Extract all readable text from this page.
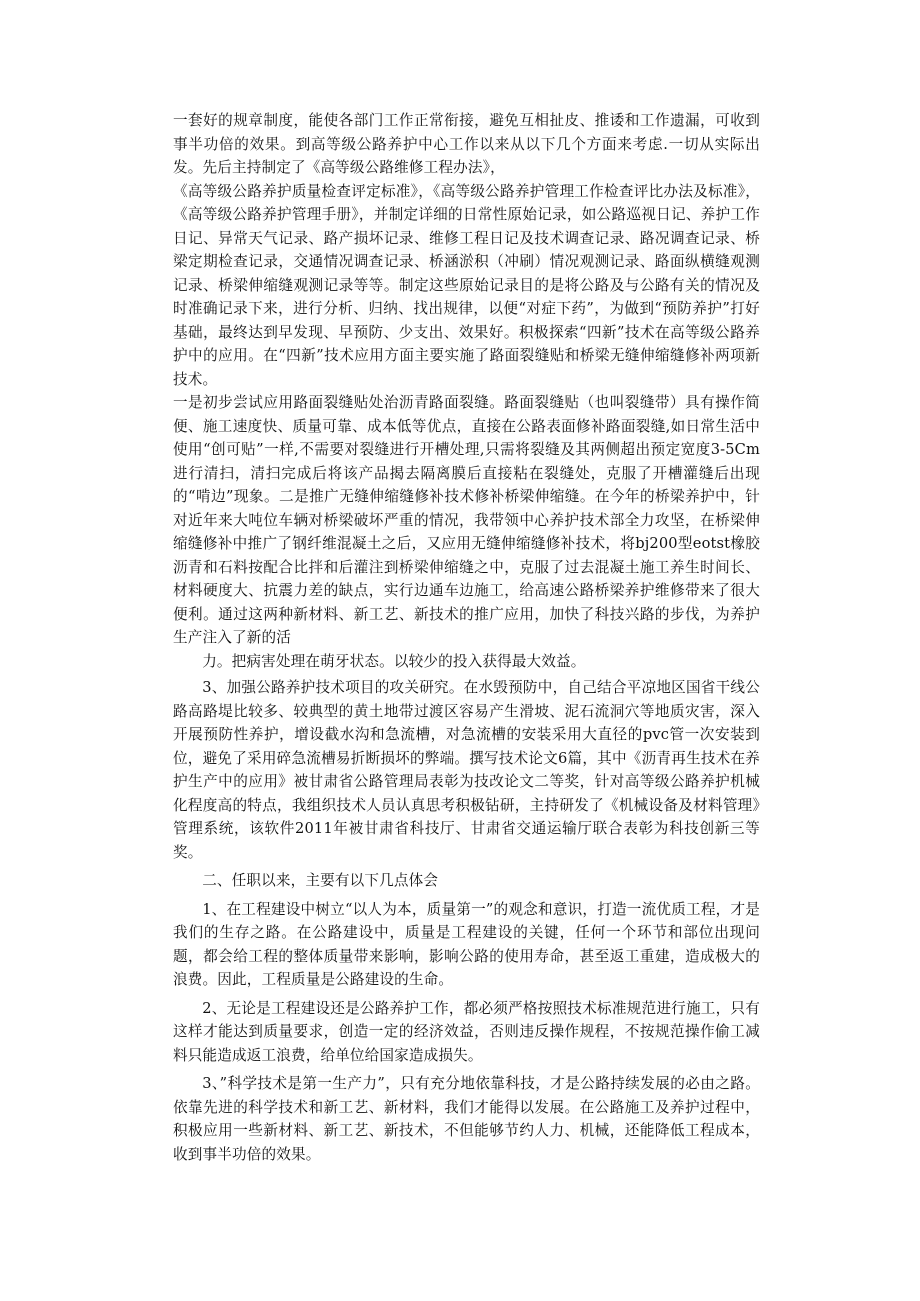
一套好的规章制度，能使各部门工作正常衔接，避免互相扯皮、推诿和工作遗漏，可收到事半功倍的效果。到高等级公路养护中心工作以来从以下几个方面来考虑.一切从实际出发。先后主持制定了《高等级公路维修工程办法》，

《高等级公路养护质量检查评定标准》，《高等级公路养护管理工作检查评比办法及标准》，《高等级公路养护管理手册》，并制定详细的日常性原始记录，如公路巡视日记、养护工作日记、异常天气记录、路产损坏记录、维修工程日记及技术调查记录、路况调查记录、桥梁定期检查记录，交通情况调查记录、桥涵淤积（冲刷）情况观测记录、路面纵横缝观测记录、桥梁伸缩缝观测记录等等。制定这些原始记录目的是将公路及与公路有关的情况及时准确记录下来，进行分析、归纳、找出规律，以便“对症下药”，为做到“预防养护”打好基础，最终达到早发现、早预防、少支出、效果好。积极探索“四新”技术在高等级公路养护中的应用。在“四新”技术应用方面主要实施了路面裂缝贴和桥梁无缝伸缩缝修补两项新技术。

一是初步尝试应用路面裂缝贴处治沥青路面裂缝。路面裂缝贴（也叫裂缝带）具有操作简便、施工速度快、质量可靠、成本低等优点，直接在公路表面修补路面裂缝,如日常生活中使用“创可贴”一样,不需要对裂缝进行开槽处理,只需将裂缝及其两侧超出预定宽度3-5Cm进行清扫，清扫完成后将该产品揭去隔离膜后直接粘在裂缝处，克服了开槽灌缝后出现的“啃边”现象。二是推广无缝伸缩缝修补技术修补桥梁伸缩缝。在今年的桥梁养护中，针对近年来大吨位车辆对桥梁破坏严重的情况，我带领中心养护技术部全力攻坚，在桥梁伸缩缝修补中推广了钢纤维混凝土之后，又应用无缝伸缩缝修补技术，将bj200型eotst橡胶沥青和石料按配合比拌和后灌注到桥梁伸缩缝之中，克服了过去混凝土施工养生时间长、材料硬度大、抗震力差的缺点，实行边通车边施工，给高速公路桥梁养护维修带来了很大便利。通过这两种新材料、新工艺、新技术的推广应用，加快了科技兴路的步伐，为养护生产注入了新的活

力。把病害处理在萌牙状态。以较少的投入获得最大效益。

3、加强公路养护技术项目的攻关研究。在水毁预防中，自己结合平凉地区国省干线公路高路堤比较多、较典型的黄土地带过渡区容易产生滑坡、泥石流洞穴等地质灾害，深入开展预防性养护，增设截水沟和急流槽，对急流槽的安装采用大直径的pvc管一次安装到位，避免了采用碎急流槽易折断损坏的弊端。撰写技术论文6篇，其中《沥青再生技术在养护生产中的应用》被甘肃省公路管理局表彰为技改论文二等奖，针对高等级公路养护机械化程度高的特点，我组织技术人员认真思考积极钻研，主持研发了《机械设备及材料管理》管理系统，该软件2011年被甘肃省科技厅、甘肃省交通运输厅联合表彰为科技创新三等奖。

二、任职以来，主要有以下几点体会

1、在工程建设中树立“以人为本，质量第一”的观念和意识，打造一流优质工程，才是我们的生存之路。在公路建设中，质量是工程建设的关键，任何一个环节和部位出现问题，都会给工程的整体质量带来影响，影响公路的使用寿命，甚至返工重建，造成极大的浪费。因此，工程质量是公路建设的生命。

2、无论是工程建设还是公路养护工作，都必须严格按照技术标准规范进行施工，只有这样才能达到质量要求，创造一定的经济效益，否则违反操作规程，不按规范操作偷工减料只能造成返工浪费，给单位给国家造成损失。

3、”科学技术是第一生产力”，只有充分地依靠科技，才是公路持续发展的必由之路。依靠先进的科学技术和新工艺、新材料，我们才能得以发展。在公路施工及养护过程中，积极应用一些新材料、新工艺、新技术，不但能够节约人力、机械，还能降低工程成本，收到事半功倍的效果。
